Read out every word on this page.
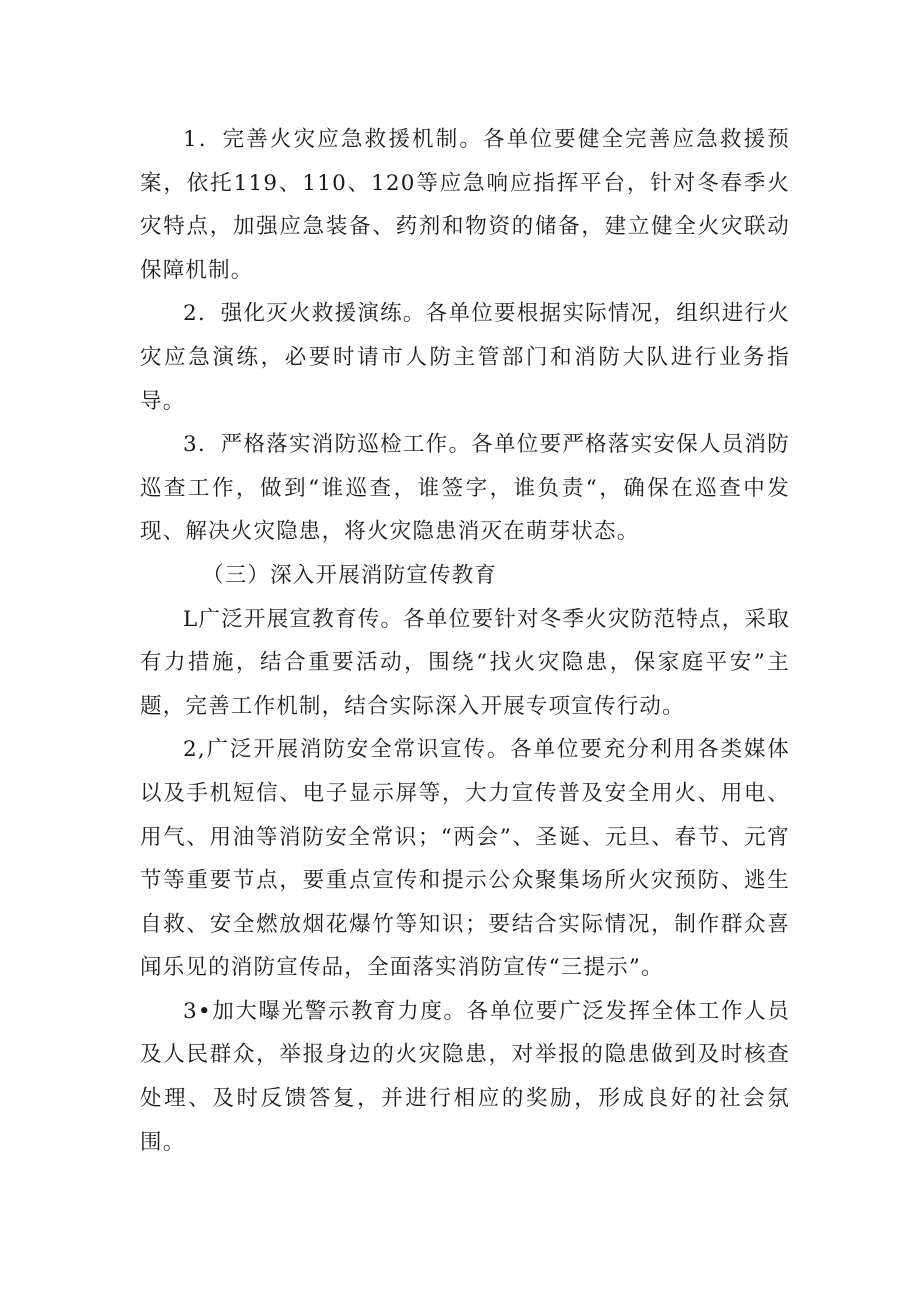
1．完善火灾应急救援机制。各单位要健全完善应急救援预案，依托119、110、120等应急响应指挥平台，针对冬春季火灾特点，加强应急装备、药剂和物资的储备，建立健全火灾联动保障机制。

2．强化灭火救援演练。各单位要根据实际情况，组织进行火灾应急演练，必要时请市人防主管部门和消防大队进行业务指导。

3．严格落实消防巡检工作。各单位要严格落实安保人员消防巡查工作，做到“谁巡查，谁签字，谁负责“，确保在巡查中发现、解决火灾隐患，将火灾隐患消灭在萌芽状态。

（三）深入开展消防宣传教育

L广泛开展宣教育传。各单位要针对冬季火灾防范特点，采取有力措施，结合重要活动，围绕“找火灾隐患，保家庭平安”主题，完善工作机制，结合实际深入开展专项宣传行动。

2,广泛开展消防安全常识宣传。各单位要充分利用各类媒体以及手机短信、电子显示屏等，大力宣传普及安全用火、用电、用气、用油等消防安全常识；“两会”、圣诞、元旦、春节、元宵节等重要节点，要重点宣传和提示公众聚集场所火灾预防、逃生自救、安全燃放烟花爆竹等知识；要结合实际情况，制作群众喜闻乐见的消防宣传品，全面落实消防宣传“三提示”。

3•加大曝光警示教育力度。各单位要广泛发挥全体工作人员及人民群众，举报身边的火灾隐患，对举报的隐患做到及时核查处理、及时反馈答复，并进行相应的奖励，形成良好的社会氛围。
